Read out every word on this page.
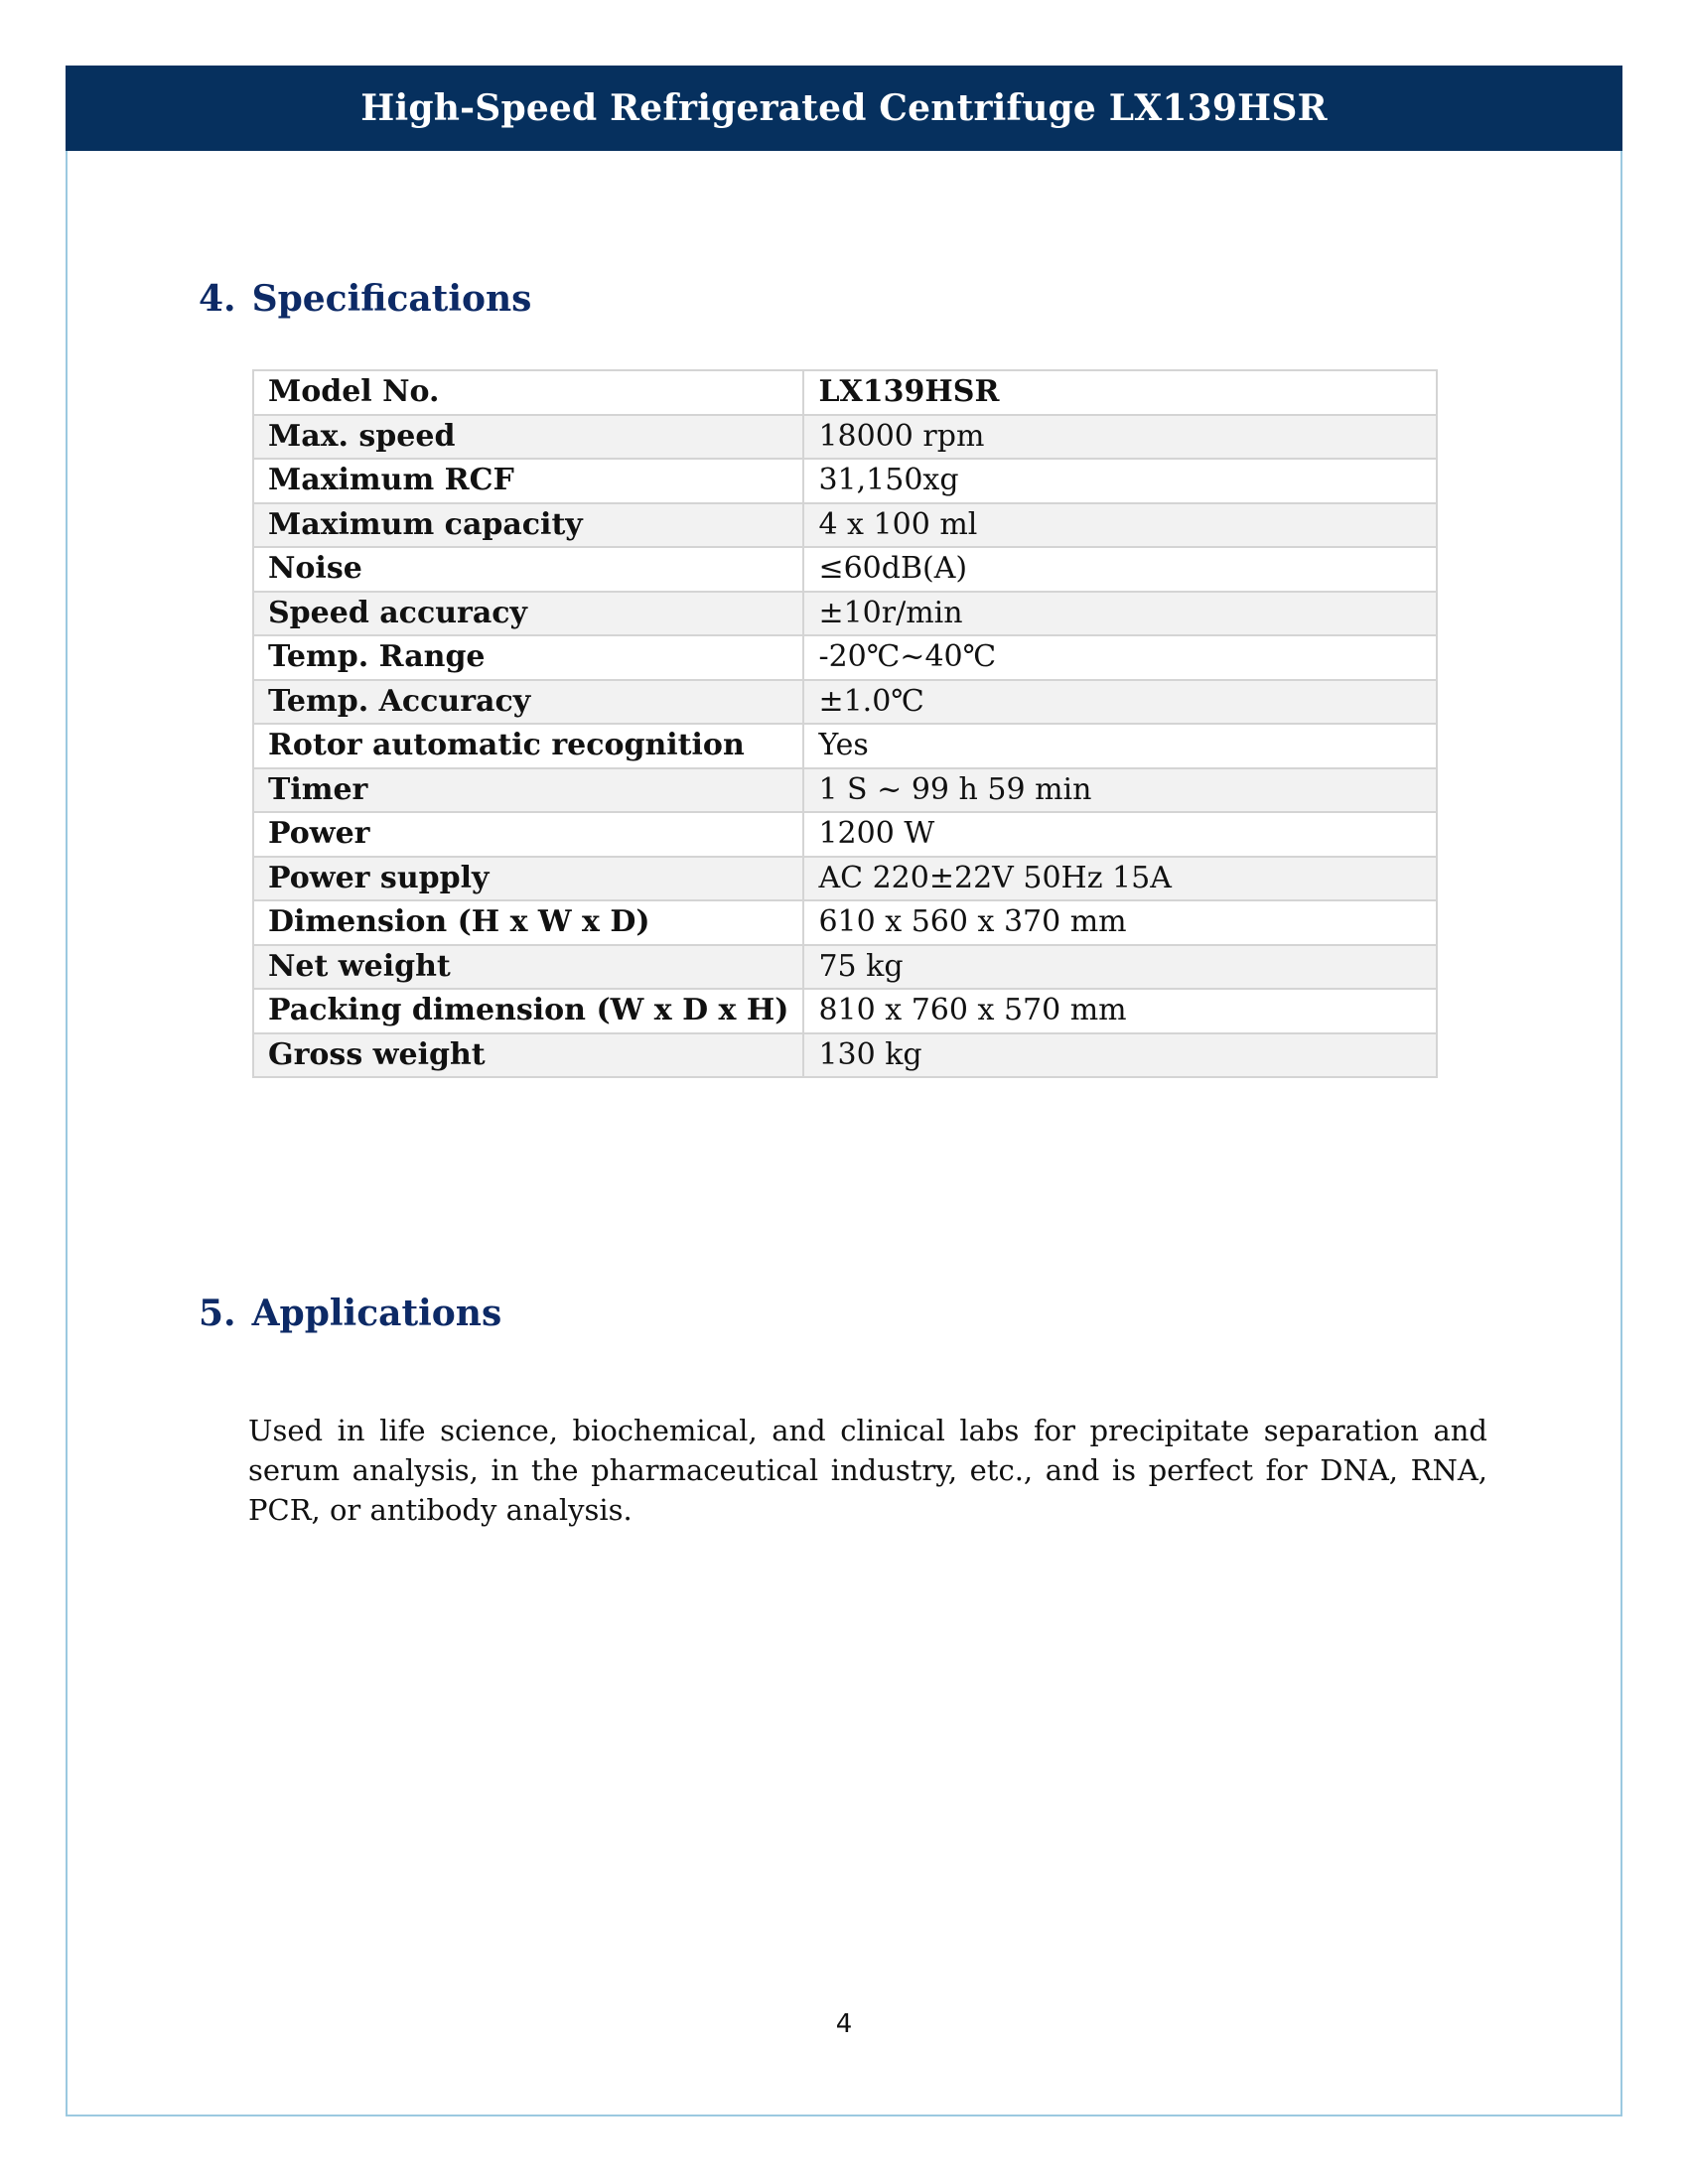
High-Speed Refrigerated Centrifuge LX139HSR
4. Specifications
Model No.	LX139HSR
Max. speed	18000 rpm
Maximum RCF	31,150xg
Maximum capacity	4 x 100 ml
Noise	≤60dB(A)
Speed accuracy	±10r/min
Temp. Range	-20℃~40℃
Temp. Accuracy	±1.0℃
Rotor automatic recognition	Yes
Timer	1 S ~ 99 h 59 min
Power	1200 W
Power supply	AC 220±22V 50Hz 15A
Dimension (H x W x D)	610 x 560 x 370 mm
Net weight	75 kg
Packing dimension (W x D x H)	810 x 760 x 570 mm
Gross weight	130 kg
5. Applications

Used in life science, biochemical, and clinical labs for precipitate separation and serum analysis, in the pharmaceutical industry, etc., and is perfect for DNA, RNA, PCR, or antibody analysis.

4
